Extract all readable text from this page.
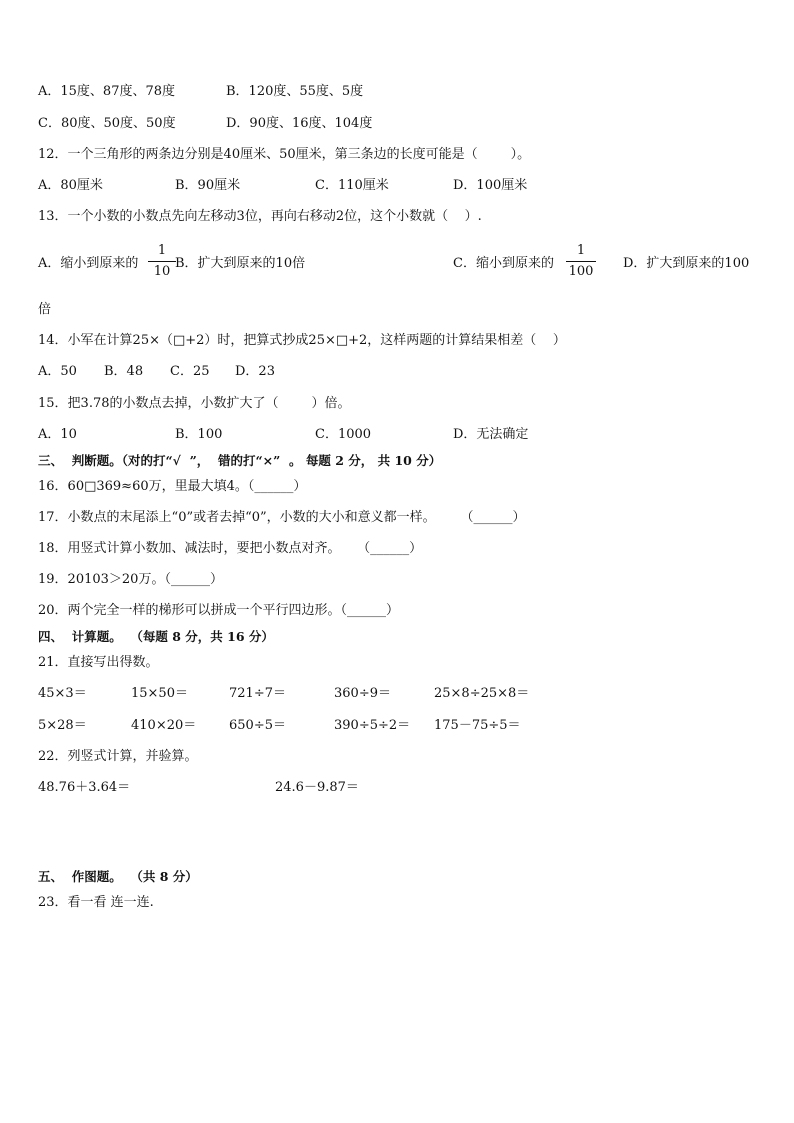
A．15度、87度、78度	B．120度、55度、5度
C．80度、50度、50度	D．90度、16度、104度
12．一个三角形的两条边分别是40厘米、50厘米，第三条边的长度可能是（        ）。
A．80厘米	B．90厘米	C．110厘米	D．100厘米
13．一个小数的小数点先向左移动3位，再向右移动2位，这个小数就（    ）.
A．缩小到原来的
1
10
B．扩大到原来的10倍	C．缩小到原来的
1
100
D．扩大到原来的100
倍
14．小军在计算25×（□+2）时，把算式抄成25×□+2，这样两题的计算结果相差（    ）
A．50 B．48 C．25 D．23
15．把3.78的小数点去掉，小数扩大了（        ）倍。
A．10	B．100	C．1000	D．无法确定
三、  判断题。（对的打“√  ”，  错的打“×”  。 每题 2 分， 共 10 分）
16．60□369≈60万，里最大填4。（______）
17．小数点的末尾添上“0”或者去掉“0”，小数的大小和意义都一样。      （______）
18．用竖式计算小数加、减法时，要把小数点对齐。    （______）
19．20103＞20万。（______）
20．两个完全一样的梯形可以拼成一个平行四边形。（______）
四、  计算题。  （每题 8 分，共 16 分）
21．直接写出得数。
45×3＝	15×50＝	721÷7＝	360÷9＝	25×8÷25×8＝
5×28＝	410×20＝	650÷5＝	390÷5÷2＝ 175－75÷5＝
22．列竖式计算，并验算。
48.76＋3.64＝	24.6－9.87＝
五、  作图题。  （共 8 分）
23．看一看 连一连.
